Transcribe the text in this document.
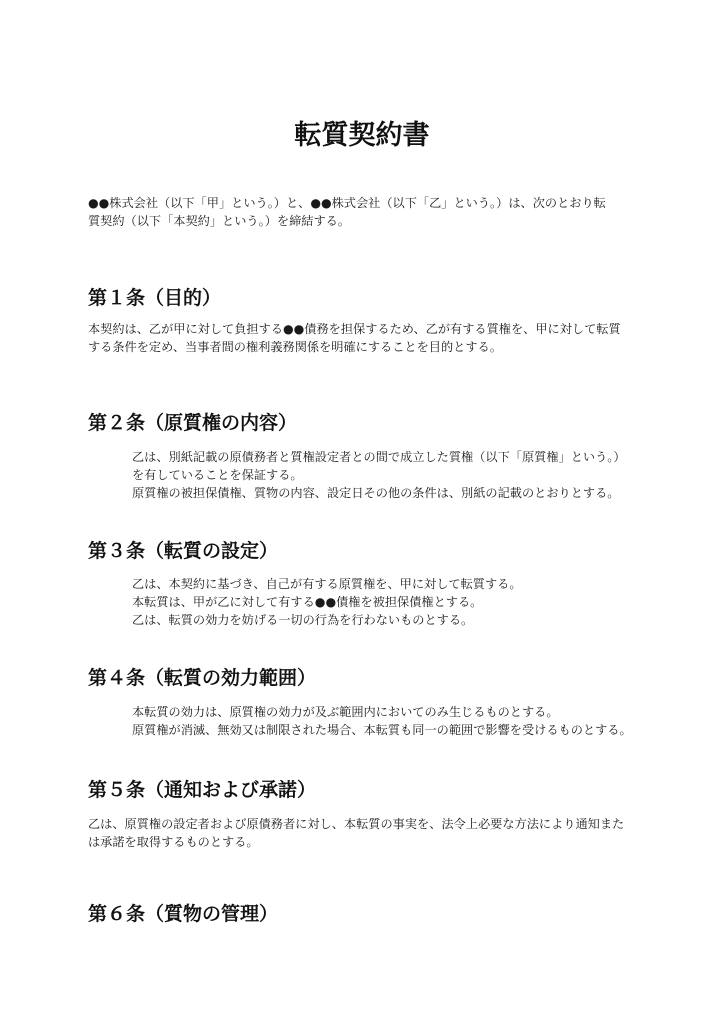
転質契約書

●●株式会社（以下「甲」という。）と、●●株式会社（以下「乙」という。）は、次のとおり転
質契約（以下「本契約」という。）を締結する。

第１条（目的）

本契約は、乙が甲に対して負担する●●債務を担保するため、乙が有する質権を、甲に対して転質
する条件を定め、当事者間の権利義務関係を明確にすることを目的とする。

第２条（原質権の内容）

乙は、別紙記載の原債務者と質権設定者との間で成立した質権（以下「原質権」という。）
を有していることを保証する。
原質権の被担保債権、質物の内容、設定日その他の条件は、別紙の記載のとおりとする。

第３条（転質の設定）

乙は、本契約に基づき、自己が有する原質権を、甲に対して転質する。
本転質は、甲が乙に対して有する●●債権を被担保債権とする。
乙は、転質の効力を妨げる一切の行為を行わないものとする。

第４条（転質の効力範囲）

本転質の効力は、原質権の効力が及ぶ範囲内においてのみ生じるものとする。
原質権が消滅、無効又は制限された場合、本転質も同一の範囲で影響を受けるものとする。

第５条（通知および承諾）

乙は、原質権の設定者および原債務者に対し、本転質の事実を、法令上必要な方法により通知また
は承諾を取得するものとする。

第６条（質物の管理）
